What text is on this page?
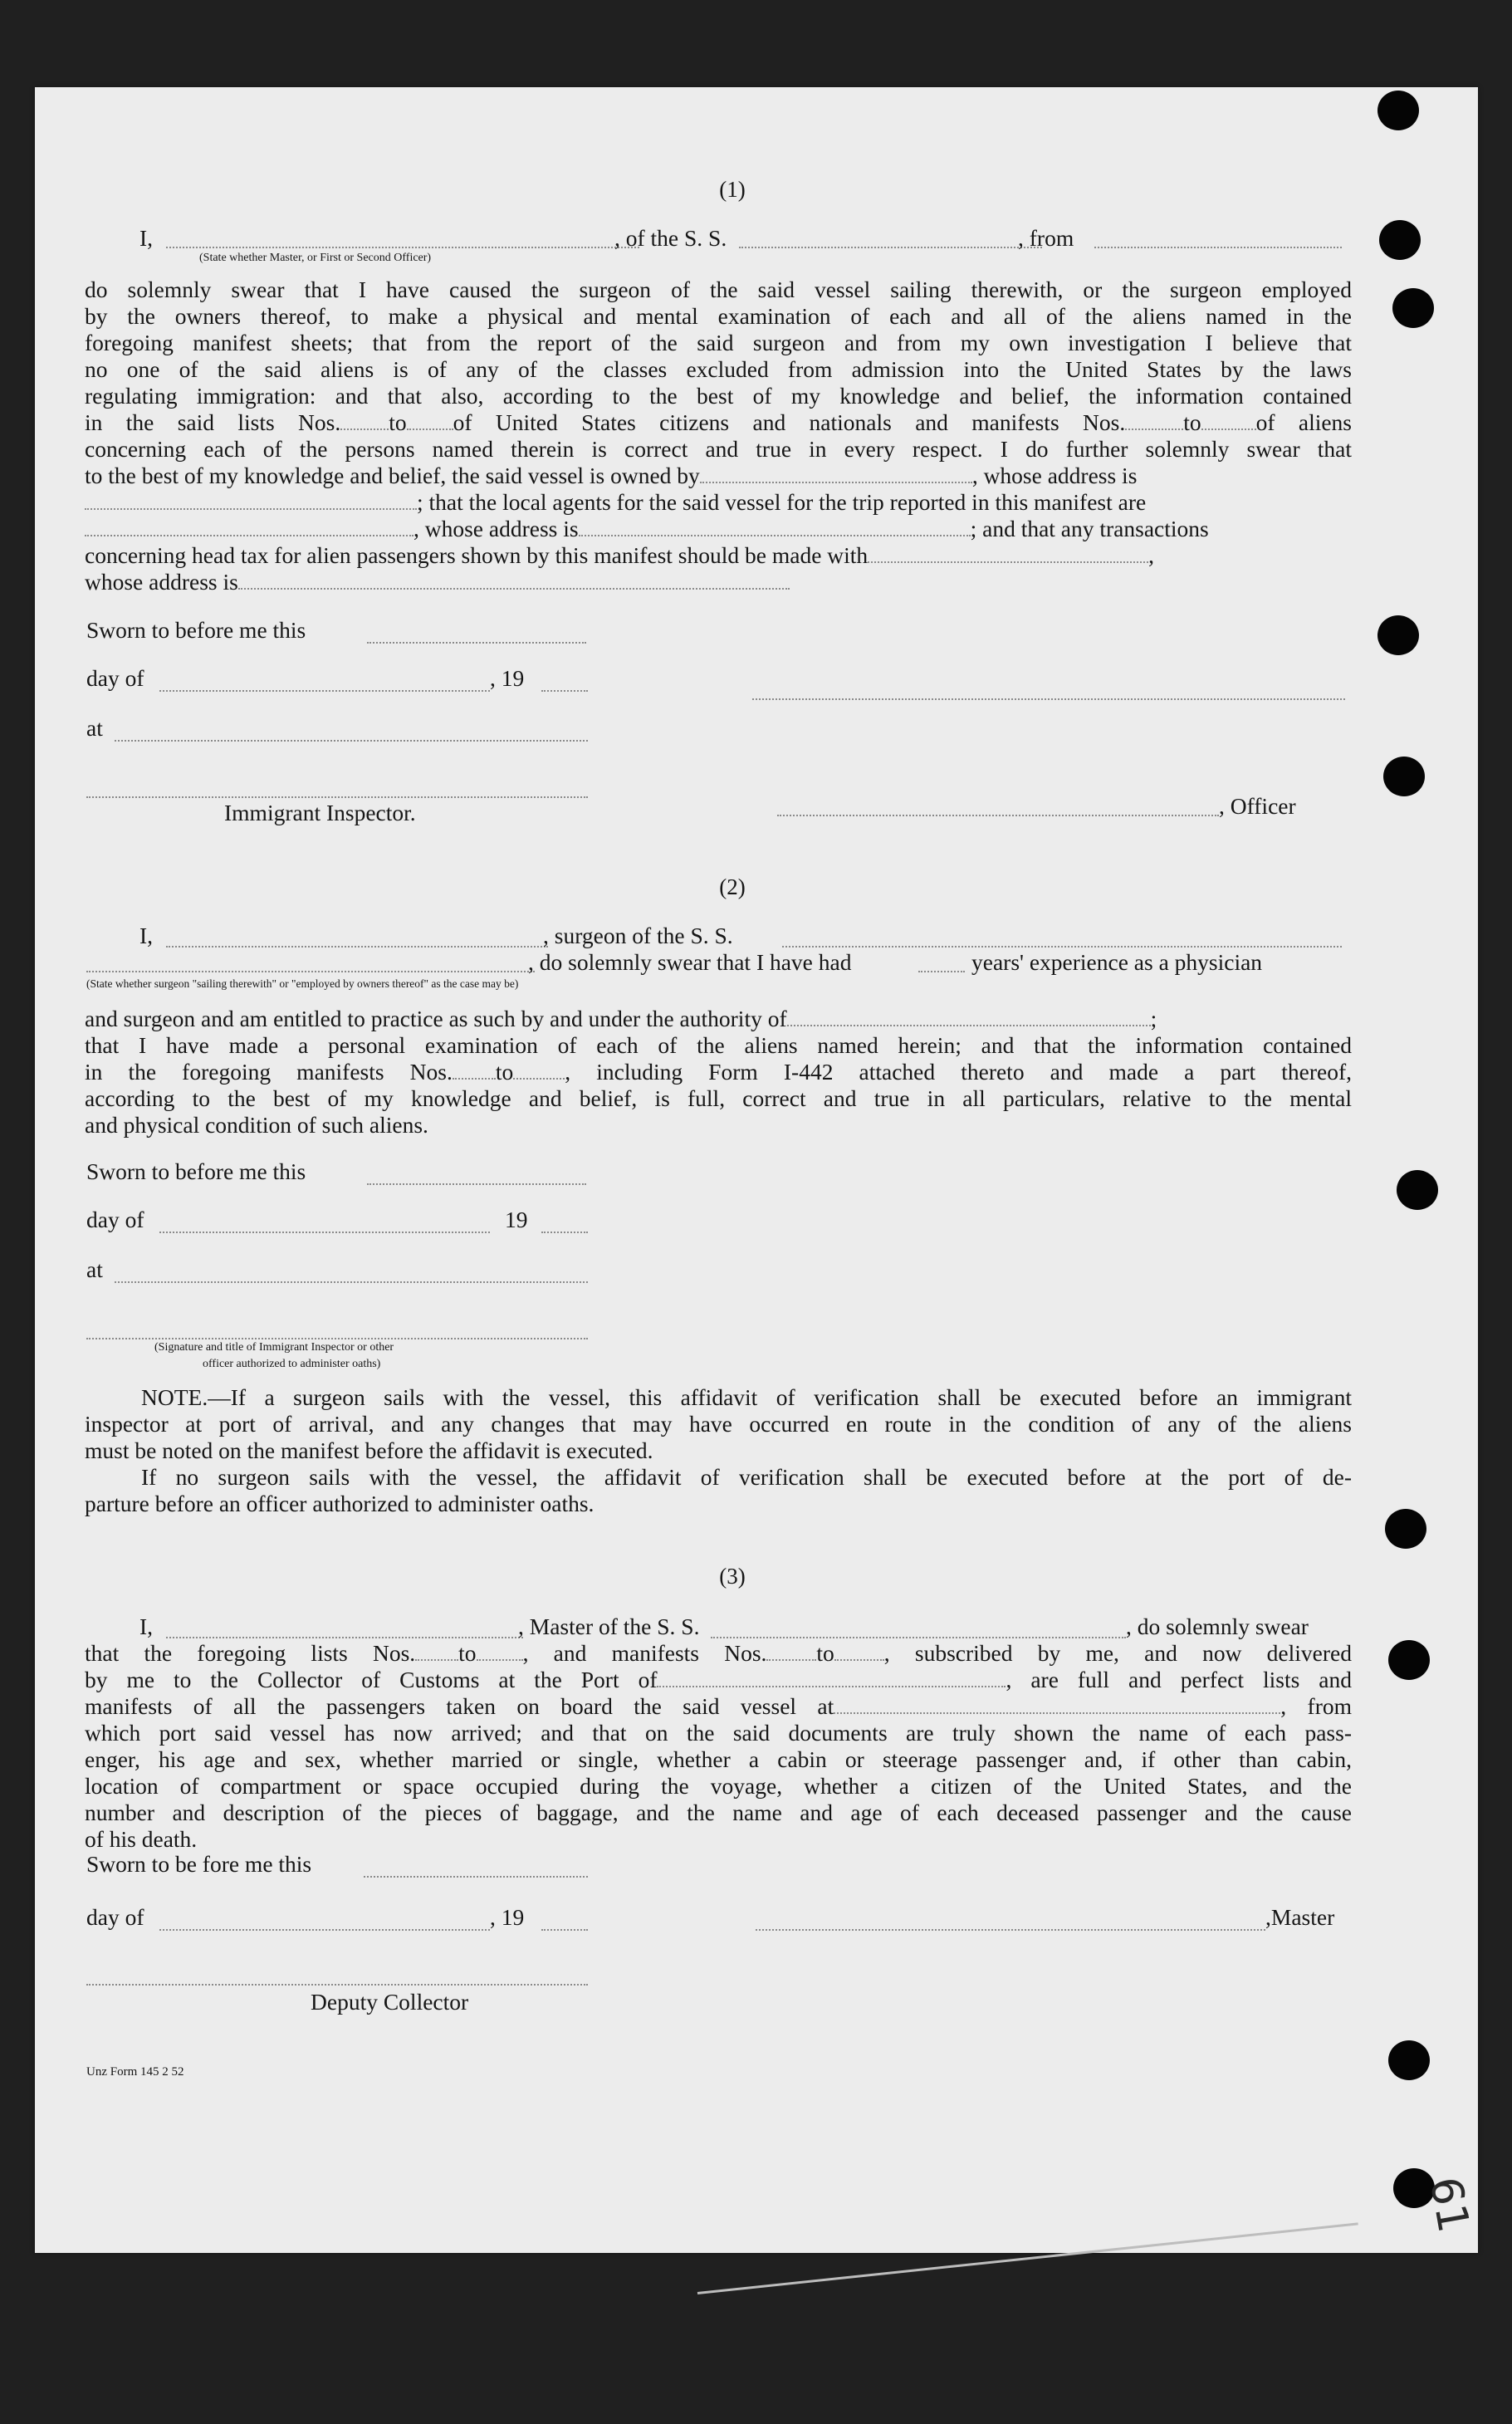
(1)
I,	, of the S. S.	, from
(State whether Master, or First or Second Officer)
do solemnly swear that I have caused the surgeon of the said vessel sailing therewith, or the surgeon employed
by the owners thereof, to make a physical and mental examination of each and all of the aliens named in the
foregoing manifest sheets; that from the report of the said surgeon and from my own investigation I believe that
no one of the said aliens is of any of the classes excluded from admission into the United States by the laws
regulating immigration: and that also, according to the best of my knowledge and belief, the information contained
in the said lists Nos. to of United States citizens and nationals and manifests Nos.	to of aliens
concerning each of the persons named therein is correct and true in every respect. I do further solemnly swear that
to the best of my knowledge and belief, the said vessel is owned by	, whose address is
; that the local agents for the said vessel for the trip reported in this manifest are
, whose address is	; and that any transactions
concerning head tax for alien passengers shown by this manifest should be made with	,
whose address is
Sworn to before me this
day of	, 19
at
Immigrant Inspector.	, Officer
(2)
I,	, surgeon of the S. S.
, do solemnly swear that I have had	years' experience as a physician
(State whether surgeon "sailing therewith" or "employed by owners thereof" as the case may be)
and surgeon and am entitled to practice as such by and under the authority of	;
that I have made a personal examination of each of the aliens named herein; and that the information contained
in the foregoing manifests Nos. to , including Form I-442 attached thereto and made a part thereof,
according to the best of my knowledge and belief, is full, correct and true in all particulars, relative to the mental
and physical condition of such aliens.
Sworn to before me this
day of	19
at
(Signature and title of Immigrant Inspector or other
officer authorized to administer oaths)
NOTE.—If a surgeon sails with the vessel, this affidavit of verification shall be executed before an immigrant
inspector at port of arrival, and any changes that may have occurred en route in the condition of any of the aliens
must be noted on the manifest before the affidavit is executed.
If no surgeon sails with the vessel, the affidavit of verification shall be executed before at the port of de-
parture before an officer authorized to administer oaths.
(3)
I,	, Master of the S. S.	, do solemnly swear
that the foregoing lists Nos. to , and manifests Nos. to , subscribed by me, and now delivered
by me to the Collector of Customs at the Port of	, are full and perfect lists and
manifests of all the passengers taken on board the said vessel at	, from
which port said vessel has now arrived; and that on the said documents are truly shown the name of each pass-
enger, his age and sex, whether married or single, whether a cabin or steerage passenger and, if other than cabin,
location of compartment or space occupied during the voyage, whether a citizen of the United States, and the
number and description of the pieces of baggage, and the name and age of each deceased passenger and the cause
of his death.
Sworn to be fore me this
day of	, 19	,Master
Deputy Collector
Unz Form 145 2 52
61
